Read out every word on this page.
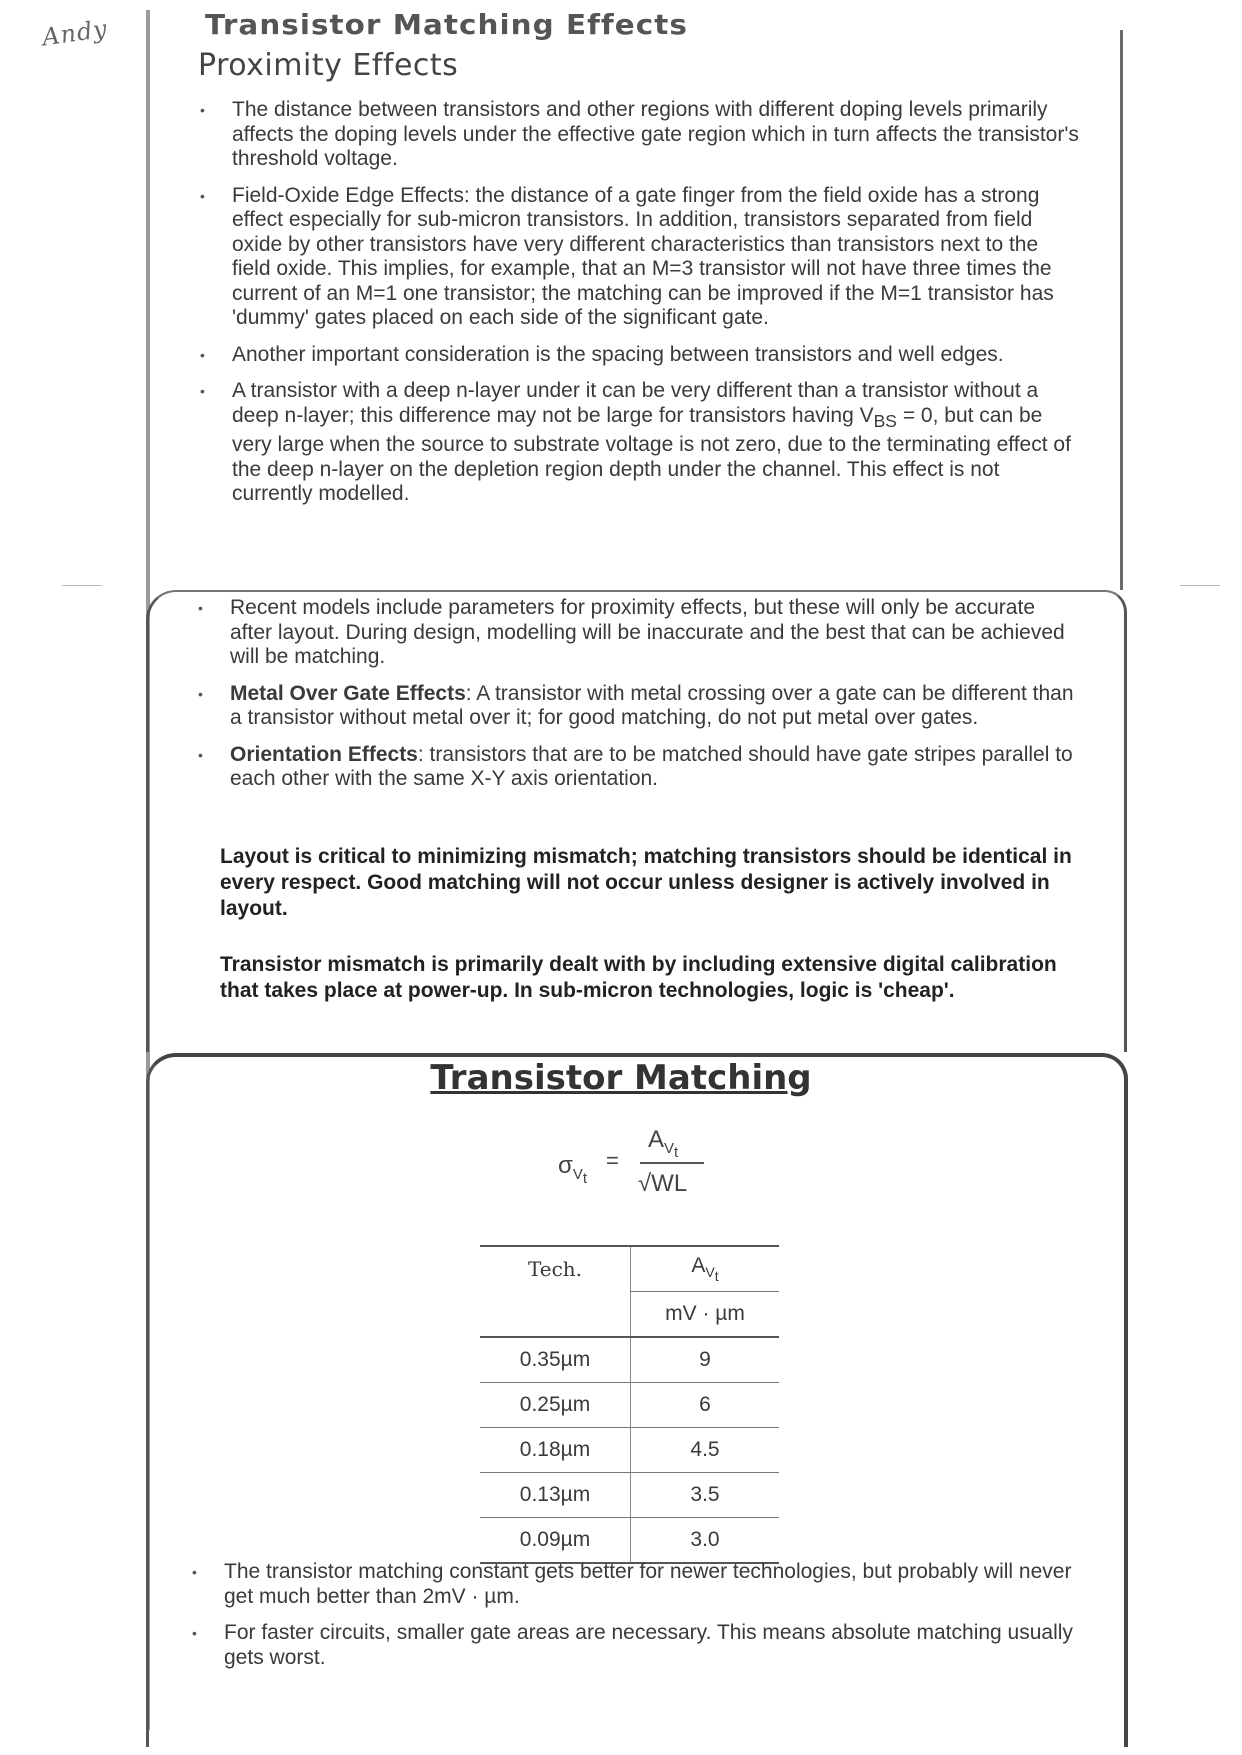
Andy	Transistor Matching Effects
Proximity Effects
• The distance between transistors and other regions with different doping levels primarily affects the doping levels under the effective gate region which in turn affects the transistor's threshold voltage.
• Field-Oxide Edge Effects: the distance of a gate finger from the field oxide has a strong effect especially for sub-micron transistors. In addition, transistors separated from field oxide by other transistors have very different characteristics than transistors next to the field oxide. This implies, for example, that an M=3 transistor will not have three times the current of an M=1 one transistor; the matching can be improved if the M=1 transistor has 'dummy' gates placed on each side of the significant gate.
• Another important consideration is the spacing between transistors and well edges.
• A transistor with a deep n-layer under it can be very different than a transistor without a deep n-layer; this difference may not be large for transistors having $V_{BS} = 0$, but can be very large when the source to substrate voltage is not zero, due to the terminating effect of the deep n-layer on the depletion region depth under the channel. This effect is not currently modelled.
• Recent models include parameters for proximity effects, but these will only be accurate after layout. During design, modelling will be inaccurate and the best that can be achieved will be matching.
• Metal Over Gate Effects: A transistor with metal crossing over a gate can be different than a transistor without metal over it; for good matching, do not put metal over gates.
• Orientation Effects: transistors that are to be matched should have gate stripes parallel to each other with the same X-Y axis orientation.
Layout is critical to minimizing mismatch; matching transistors should be identical in every respect. Good matching will not occur unless designer is actively involved in layout.
Transistor mismatch is primarily dealt with by including extensive digital calibration that takes place at power-up. In sub-micron technologies, logic is 'cheap'.
Transistor Matching
$\sigma_{V_t}$
=
$A_{V_t}$
√WL
Tech.	$A_{V_t}$
	mV · µm
0.35µm	9
0.25µm	6
0.18µm	4.5
0.13µm	3.5
0.09µm	3.0
• The transistor matching constant gets better for newer technologies, but probably will never get much better than 2mV · µm.
• For faster circuits, smaller gate areas are necessary. This means absolute matching usually gets worst.
